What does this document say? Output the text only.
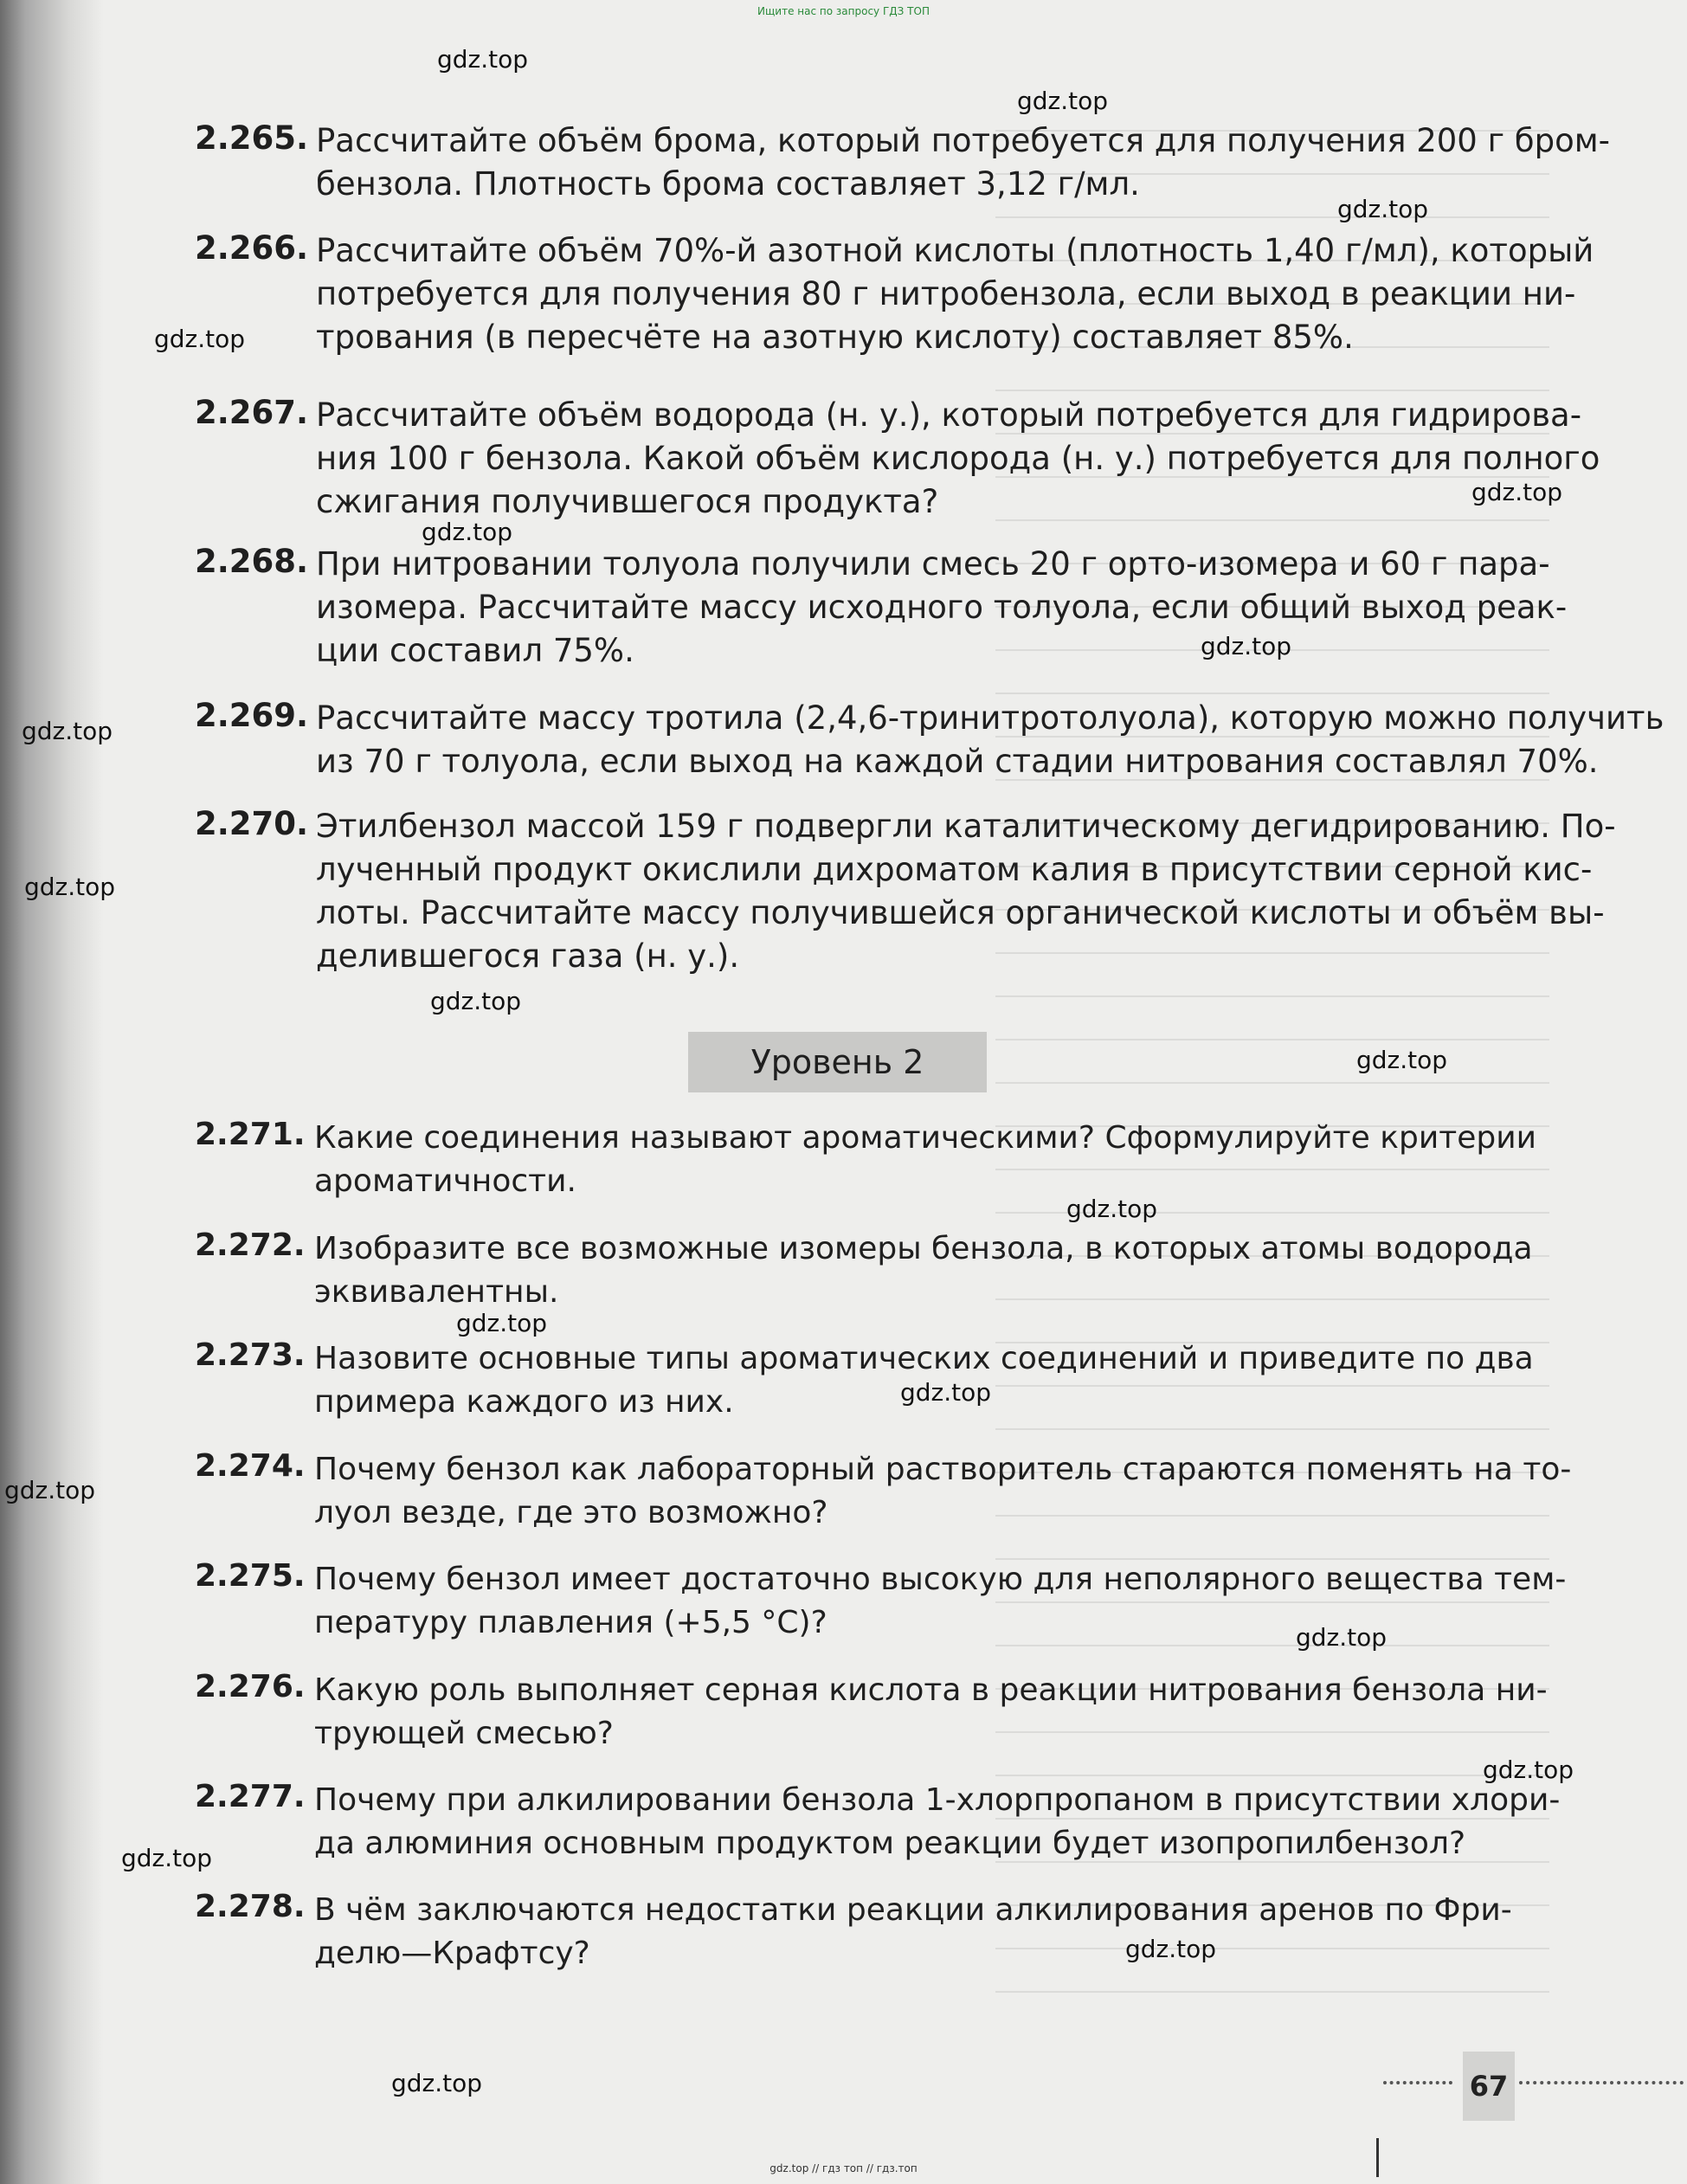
Ищите нас по запросу ГДЗ ТОП
2.265. Рассчитайте объём брома, который потребуется для получения 200 г бром-
бензола. Плотность брома составляет 3,12 г/мл.
2.266. Рассчитайте объём 70%-й азотной кислоты (плотность 1,40 г/мл), который
потребуется для получения 80 г нитробензола, если выход в реакции ни-
трования (в пересчёте на азотную кислоту) составляет 85%.
2.267. Рассчитайте объём водорода (н. у.), который потребуется для гидрирова-
ния 100 г бензола. Какой объём кислорода (н. у.) потребуется для полного
сжигания получившегося продукта?
2.268. При нитровании толуола получили смесь 20 г орто-изомера и 60 г пара-
изомера. Рассчитайте массу исходного толуола, если общий выход реак-
ции составил 75%.
2.269. Рассчитайте массу тротила (2,4,6-тринитротолуола), которую можно получить
из 70 г толуола, если выход на каждой стадии нитрования составлял 70%.
2.270. Этилбензол массой 159 г подвергли каталитическому дегидрированию. По-
лученный продукт окислили дихроматом калия в присутствии серной кис-
лоты. Рассчитайте массу получившейся органической кислоты и объём вы-
делившегося газа (н. у.).
Уровень 2
2.271. Какие соединения называют ароматическими? Сформулируйте критерии
ароматичности.
2.272. Изобразите все возможные изомеры бензола, в которых атомы водорода
эквивалентны.
2.273. Назовите основные типы ароматических соединений и приведите по два
примера каждого из них.
2.274. Почему бензол как лабораторный растворитель стараются поменять на то-
луол везде, где это возможно?
2.275. Почему бензол имеет достаточно высокую для неполярного вещества тем-
пературу плавления (+5,5 °C)?
2.276. Какую роль выполняет серная кислота в реакции нитрования бензола ни-
трующей смесью?
2.277. Почему при алкилировании бензола 1-хлорпропаном в присутствии хлори-
да алюминия основным продуктом реакции будет изопропилбензол?
2.278. В чём заключаются недостатки реакции алкилирования аренов по Фри-
делю—Крафтсу?
gdz.top
gdz.top
gdz.top
gdz.top
gdz.top
gdz.top
gdz.top
gdz.top
gdz.top
gdz.top
gdz.top
gdz.top
gdz.top
gdz.top
gdz.top
gdz.top
gdz.top
gdz.top
gdz.top
gdz.top	67
gdz.top // гдз топ // гдз.топ
